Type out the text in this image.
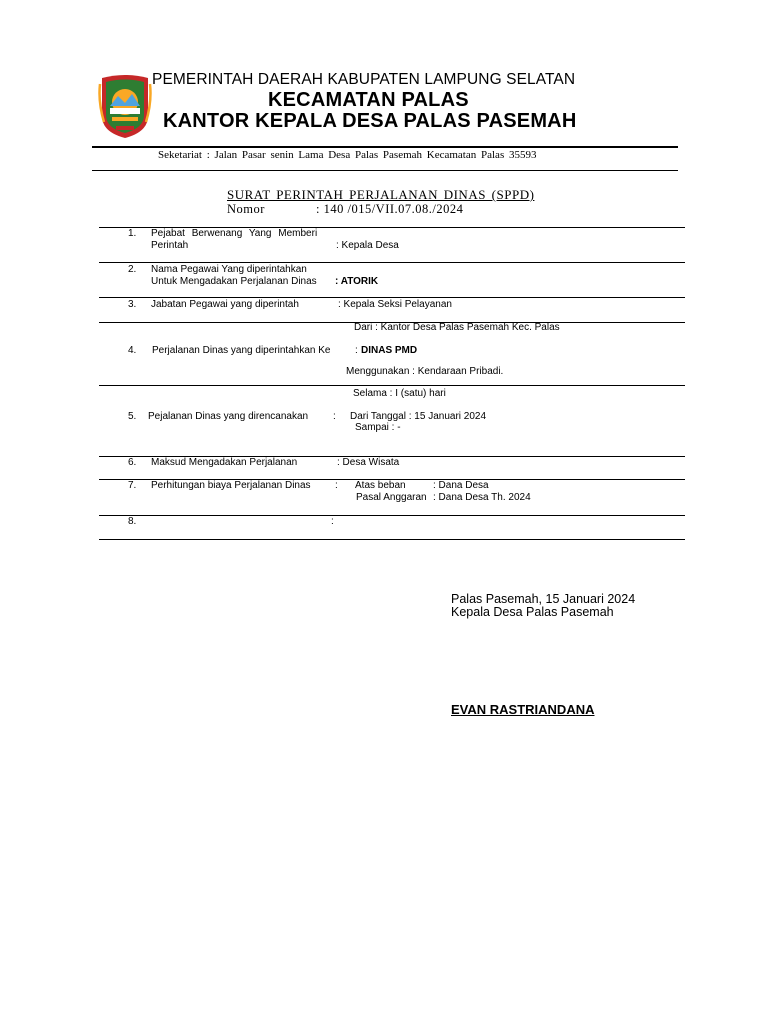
PEMERINTAH DAERAH KABUPATEN LAMPUNG SELATAN
KECAMATAN PALAS
KANTOR KEPALA DESA PALAS PASEMAH
Seketariat : Jalan Pasar senin Lama Desa Palas Pasemah Kecamatan Palas 35593
SURAT PERINTAH PERJALANAN DINAS (SPPD)
Nomor	: 140 /015/VII.07.08./2024
1. Pejabat Berwenang Yang Memberi
Perintah	: Kepala Desa
2. Nama Pegawai Yang diperintahkan
Untuk Mengadakan Perjalanan Dinas : ATORIK
3. Jabatan Pegawai yang diperintah	: Kepala Seksi Pelayanan
Dari : Kantor Desa Palas Pasemah Kec. Palas
4. Perjalanan Dinas yang diperintahkan Ke : DINAS PMD
Menggunakan : Kendaraan Pribadi.
Selama : I (satu) hari
5. Pejalanan Dinas yang direncanakan : Dari Tanggal : 15 Januari 2024
Sampai : -
6. Maksud Mengadakan Perjalanan	: Desa Wisata
7. Perhitungan biaya Perjalanan Dinas : Atas beban	: Dana Desa
Pasal Anggaran : Dana Desa Th. 2024
8.	:
Palas Pasemah, 15 Januari 2024
Kepala Desa Palas Pasemah
EVAN RASTRIANDANA
